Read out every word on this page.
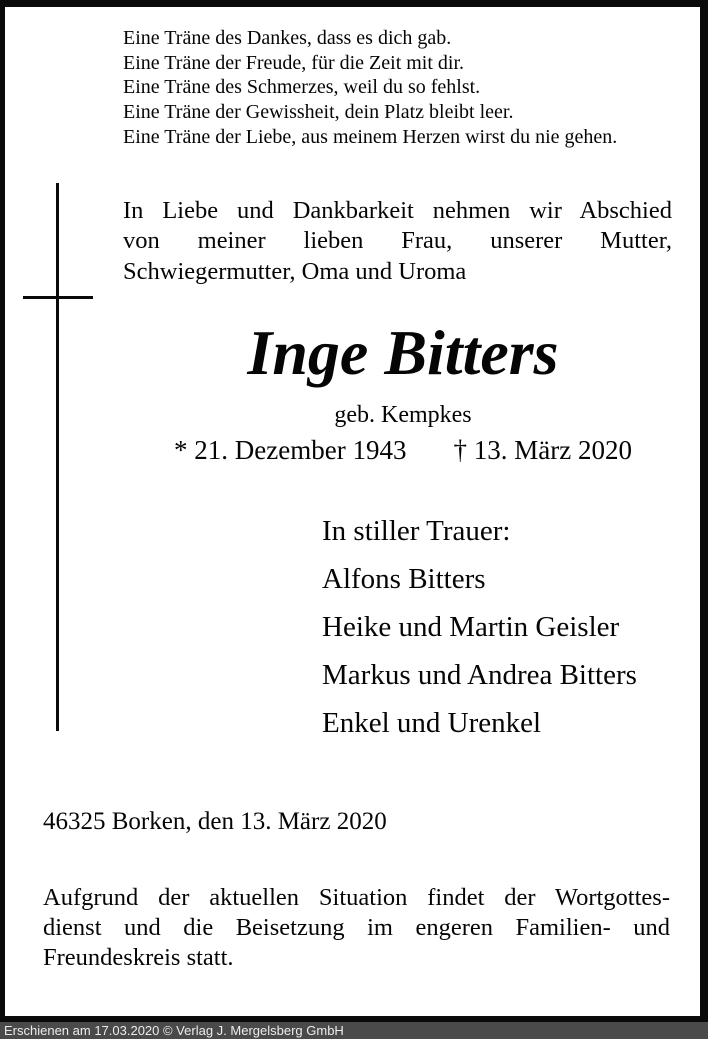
Eine Träne des Dankes, dass es dich gab.
Eine Träne der Freude, für die Zeit mit dir.
Eine Träne des Schmerzes, weil du so fehlst.
Eine Träne der Gewissheit, dein Platz bleibt leer.
Eine Träne der Liebe, aus meinem Herzen wirst du nie gehen.
In Liebe und Dankbarkeit nehmen wir Abschied
von meiner lieben Frau, unserer Mutter,
Schwiegermutter, Oma und Uroma
Inge Bitters
geb. Kempkes
* 21. Dezember 1943 † 13. März 2020
In stiller Trauer:
Alfons Bitters
Heike und Martin Geisler
Markus und Andrea Bitters
Enkel und Urenkel
46325 Borken, den 13. März 2020
Aufgrund der aktuellen Situation findet der Wortgottes-
dienst und die Beisetzung im engeren Familien- und
Freundeskreis statt.
Erschienen am 17.03.2020 © Verlag J. Mergelsberg GmbH
